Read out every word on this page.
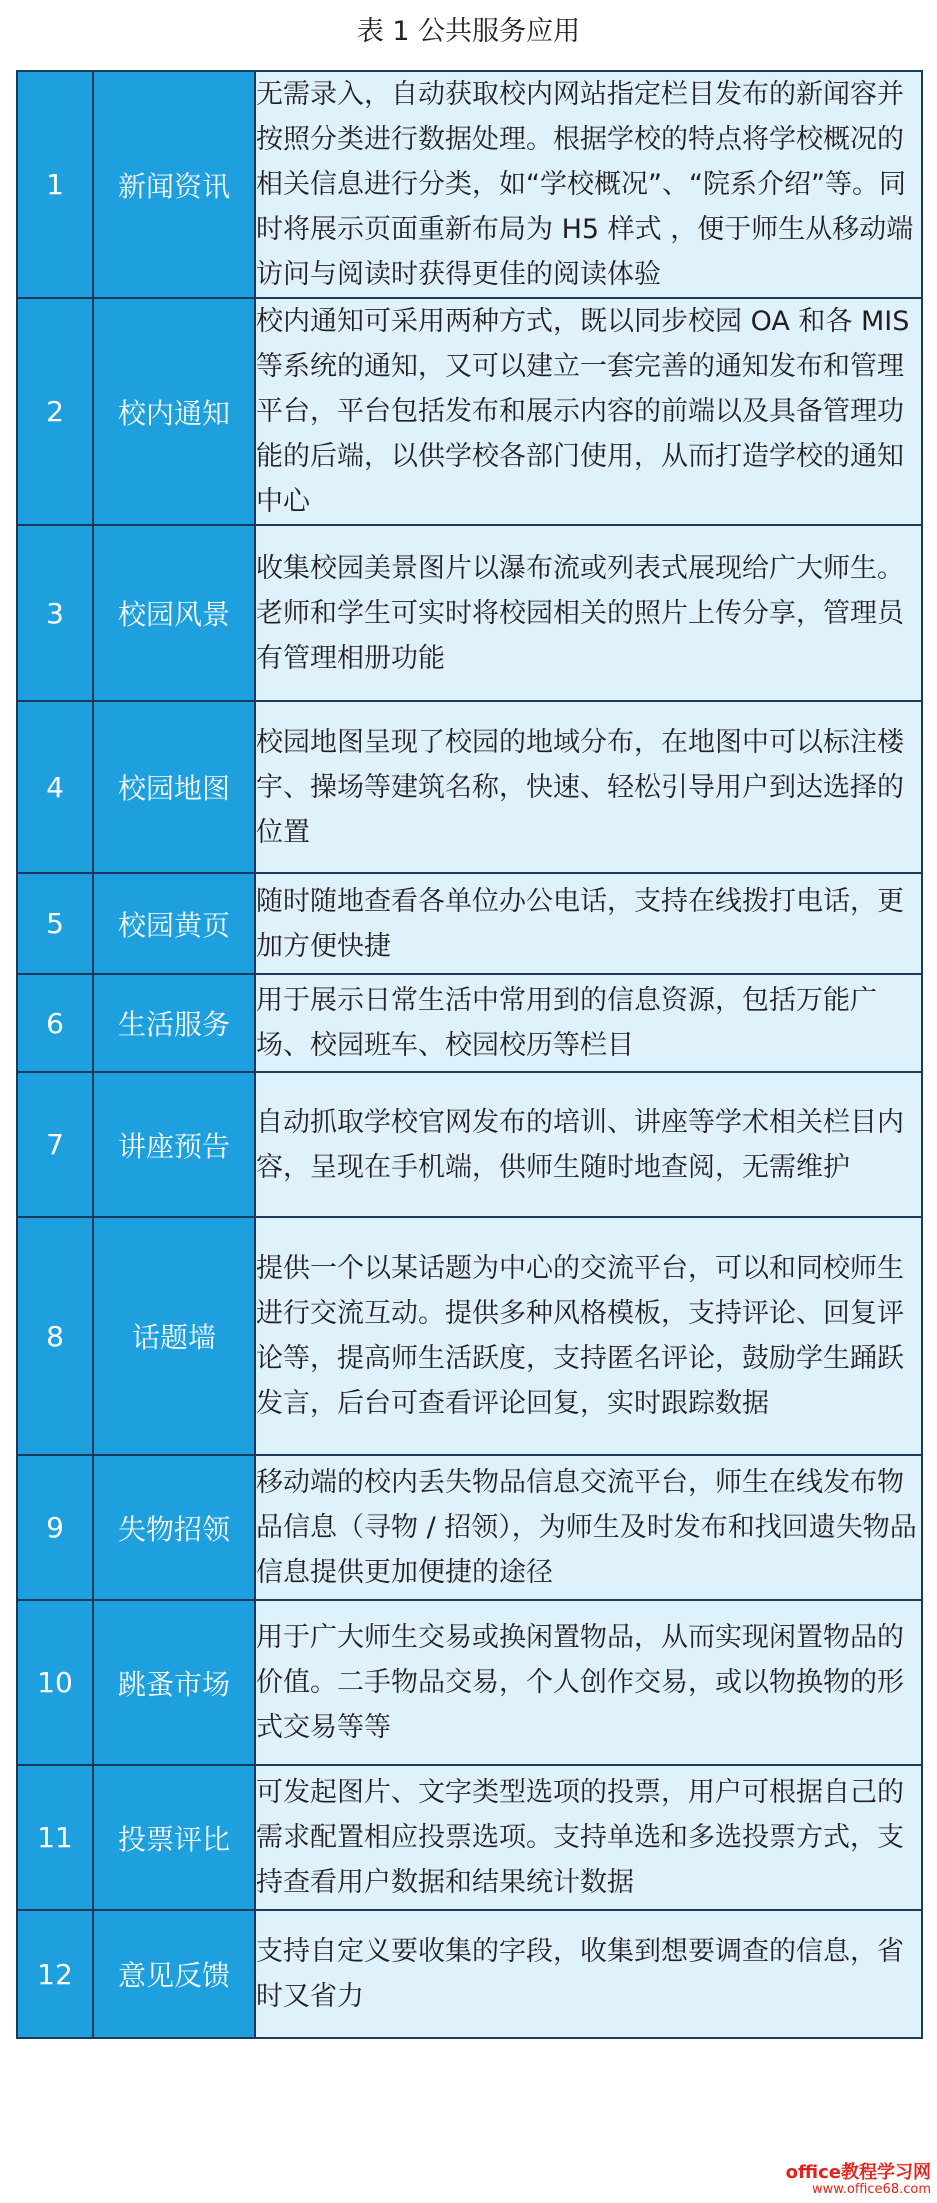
表 1 公共服务应用
1	新闻资讯	无需录入，自动获取校内网站指定栏目发布的新闻容并按照分类进行数据处理。根据学校的特点将学校概况的相关信息进行分类，如“学校概况”、“院系介绍”等。同时将展示页面重新布局为 H5 样式 ，便于师生从移动端访问与阅读时获得更佳的阅读体验
2	校内通知	校内通知可采用两种方式，既以同步校园 OA 和各 MIS 等系统的通知，又可以建立一套完善的通知发布和管理平台，平台包括发布和展示内容的前端以及具备管理功能的后端，以供学校各部门使用，从而打造学校的通知中心
3	校园风景	收集校园美景图片以瀑布流或列表式展现给广大师生。老师和学生可实时将校园相关的照片上传分享，管理员有管理相册功能
4	校园地图	校园地图呈现了校园的地域分布，在地图中可以标注楼宇、操场等建筑名称，快速、轻松引导用户到达选择的位置
5	校园黄页	随时随地查看各单位办公电话，支持在线拨打电话，更加方便快捷
6	生活服务	用于展示日常生活中常用到的信息资源，包括万能广场、校园班车、校园校历等栏目
7	讲座预告	自动抓取学校官网发布的培训、讲座等学术相关栏目内容，呈现在手机端，供师生随时地查阅，无需维护
8	话题墙	提供一个以某话题为中心的交流平台，可以和同校师生进行交流互动。提供多种风格模板，支持评论、回复评论等，提高师生活跃度，支持匿名评论，鼓励学生踊跃发言，后台可查看评论回复，实时跟踪数据
9	失物招领	移动端的校内丢失物品信息交流平台，师生在线发布物品信息（寻物 / 招领），为师生及时发布和找回遗失物品信息提供更加便捷的途径
10	跳蚤市场	用于广大师生交易或换闲置物品，从而实现闲置物品的价值。二手物品交易，个人创作交易，或以物换物的形式交易等等
11	投票评比	可发起图片、文字类型选项的投票，用户可根据自己的需求配置相应投票选项。支持单选和多选投票方式，支持查看用户数据和结果统计数据
12	意见反馈	支持自定义要收集的字段，收集到想要调查的信息，省时又省力
office教程学习网
www.office68.com
